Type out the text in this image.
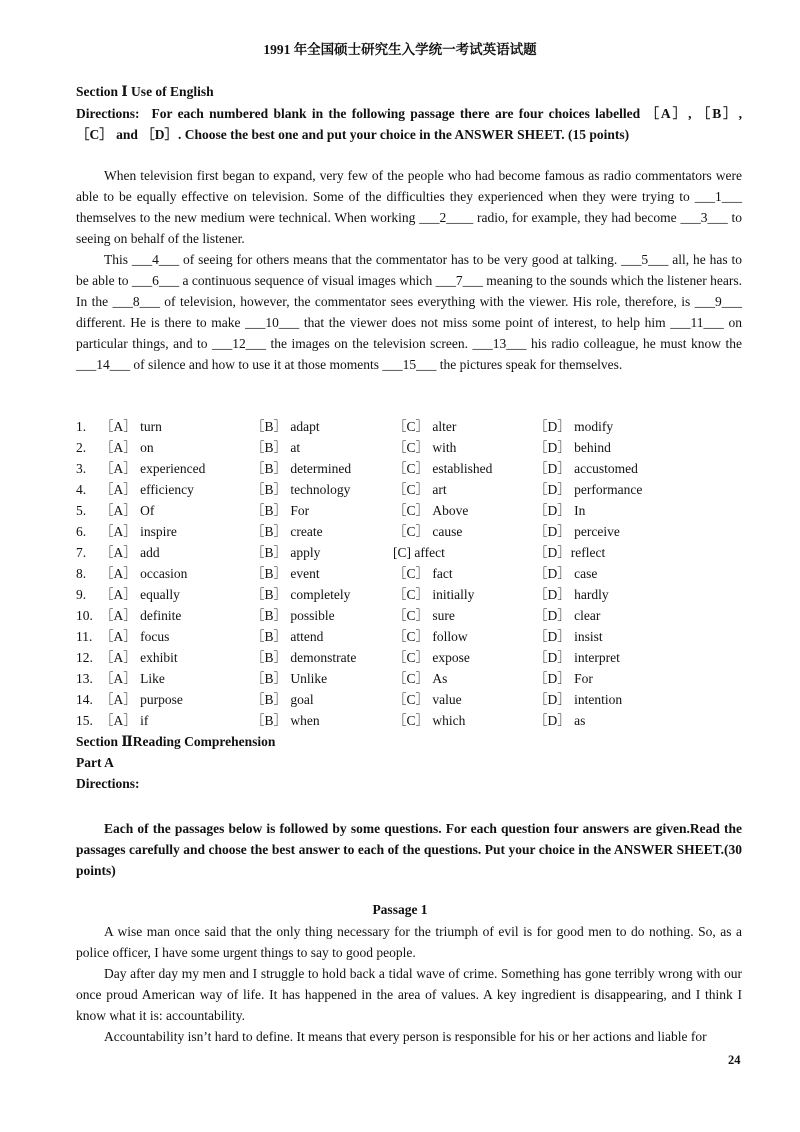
1991 年全国硕士研究生入学统一考试英语试题
Section Ⅰ Use of English
Directions: For each numbered blank in the following passage there are four choices labelled ［A］, ［B］, ［C］ and ［D］. Choose the best one and put your choice in the ANSWER SHEET. (15 points)

When television first began to expand, very few of the people who had become famous as radio commentators were able to be equally effective on television. Some of the difficulties they experienced when they were trying to ___1___ themselves to the new medium were technical. When working ___2____ radio, for example, they had become ___3___ to seeing on behalf of the listener.

This ___4___ of seeing for others means that the commentator has to be very good at talking. ___5___ all, he has to be able to ___6___ a continuous sequence of visual images which ___7___ meaning to the sounds which the listener hears. In the ___8___ of television, however, the commentator sees everything with the viewer. His role, therefore, is ___9___ different. He is there to make ___10___ that the viewer does not miss some point of interest, to help him ___11___ on particular things, and to ___12___ the images on the television screen. ___13___ his radio colleague, he must know the ___14___ of silence and how to use it at those moments ___15___ the pictures speak for themselves.

1. ［A］ turn	［B］ adapt	［C］ alter	［D］ modify
2. ［A］ on	［B］ at	［C］ with	［D］ behind
3. ［A］ experienced	［B］ determined	［C］ established	［D］ accustomed
4. ［A］ efficiency	［B］ technology	［C］ art	［D］ performance
5. ［A］ Of	［B］ For	［C］ Above	［D］ In
6. ［A］ inspire	［B］ create	［C］ cause	［D］ perceive
7. ［A］ add	［B］ apply	[C] affect	［D］reflect
8. ［A］ occasion	［B］ event	［C］ fact	［D］ case
9. ［A］ equally	［B］ completely	［C］ initially	［D］ hardly
10. ［A］ definite	［B］ possible	［C］ sure	［D］ clear
11. ［A］ focus	［B］ attend	［C］ follow	［D］ insist
12. ［A］ exhibit	［B］ demonstrate	［C］ expose	［D］ interpret
13. ［A］ Like	［B］ Unlike	［C］ As	［D］ For
14. ［A］ purpose	［B］ goal	［C］ value	［D］ intention
15. ［A］ if	［B］ when	［C］ which	［D］ as
Section ⅡReading Comprehension
Part A
Directions:
Each of the passages below is followed by some questions. For each question four answers are given.Read the passages carefully and choose the best answer to each of the questions. Put your choice in the ANSWER SHEET.(30 points)
Passage 1

A wise man once said that the only thing necessary for the triumph of evil is for good men to do nothing. So, as a police officer, I have some urgent things to say to good people.

Day after day my men and I struggle to hold back a tidal wave of crime. Something has gone terribly wrong with our once proud American way of life. It has happened in the area of values. A key ingredient is disappearing, and I think I know what it is: accountability.

Accountability isn’t hard to define. It means that every person is responsible for his or her actions and liable for

24
